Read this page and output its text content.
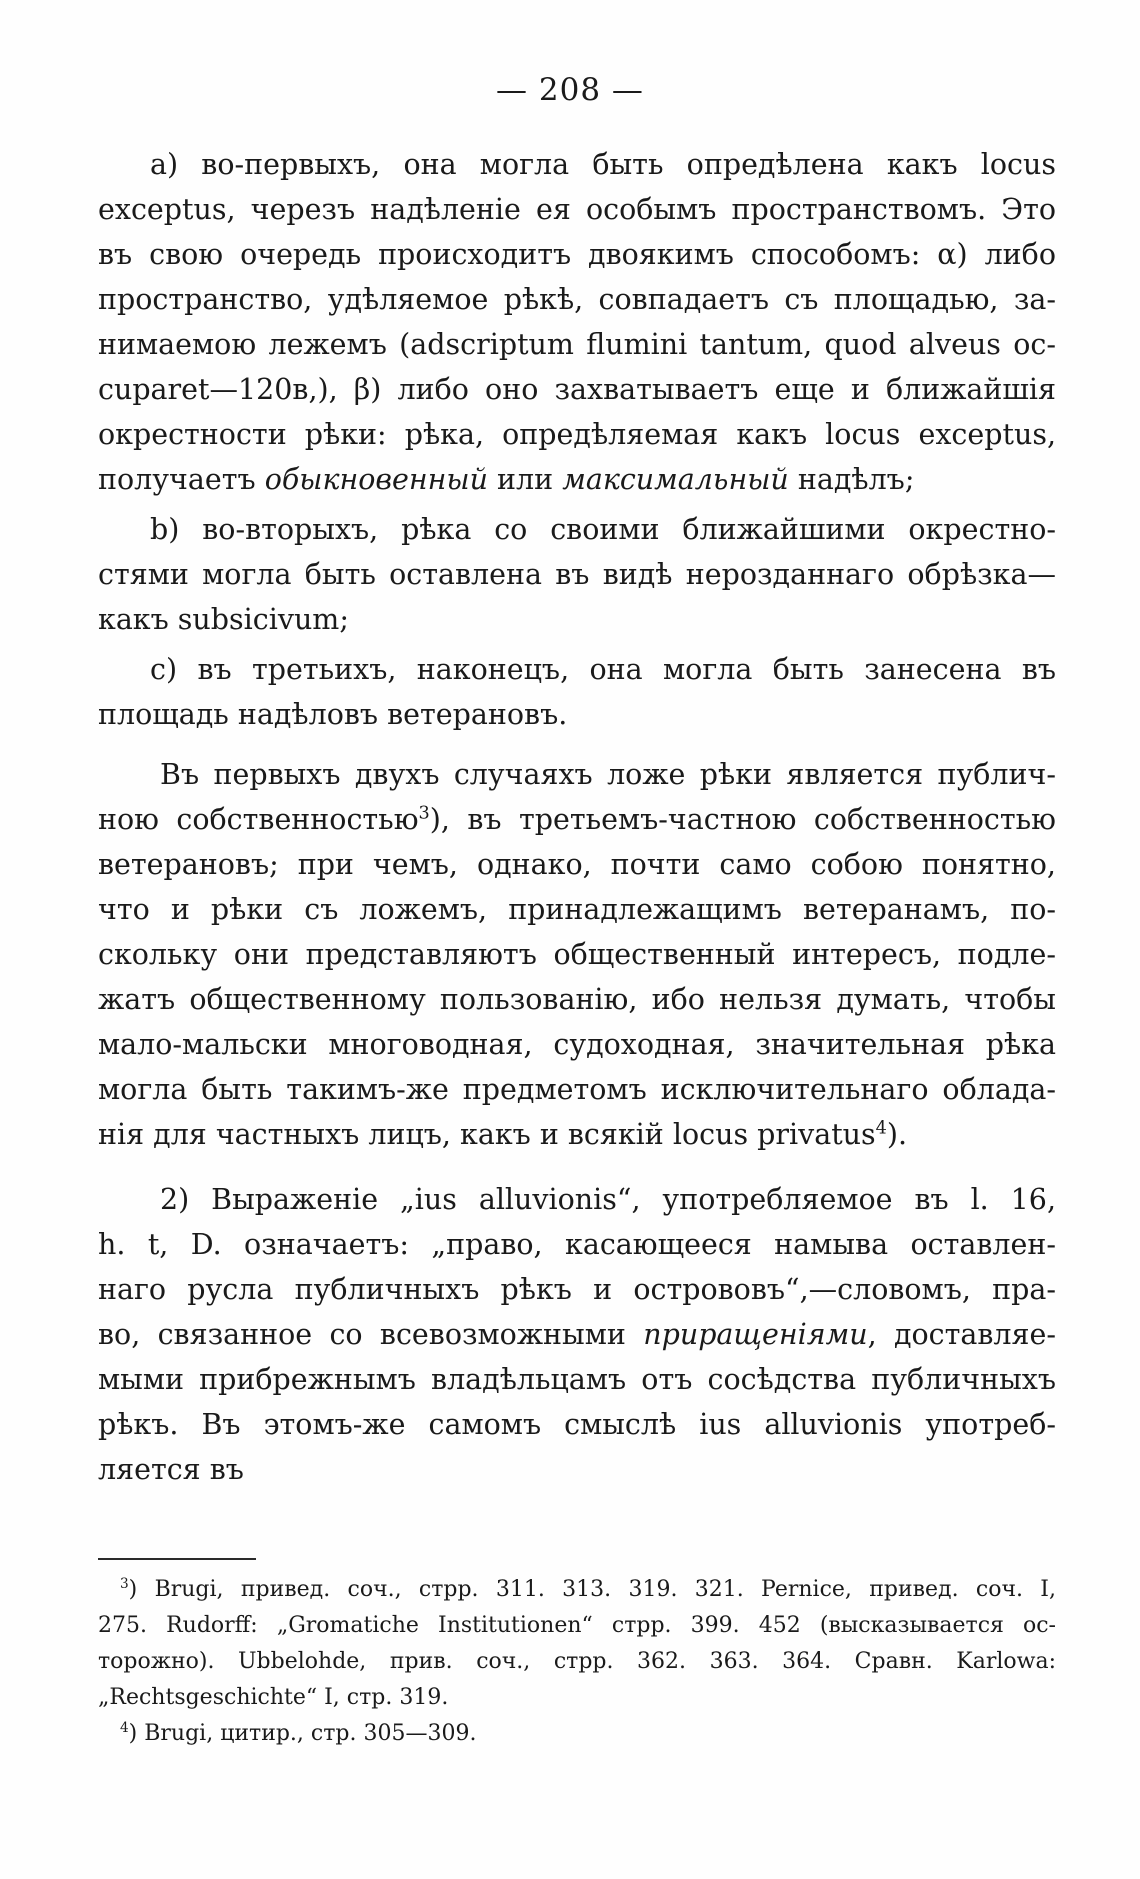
— 208 —
a) во-первыхъ, она могла быть опредѣлена какъ locus
exceptus, черезъ надѣленіе ея особымъ пространствомъ. Это
въ свою очередь происходитъ двоякимъ способомъ: α) либо
пространство, удѣляемое рѣкѣ, совпадаетъ съ площадью, за-
нимаемою лежемъ (adscriptum flumini tantum, quod alveus oc-
cuparet—120в,), β) либо оно захватываетъ еще и ближайшія
окрестности рѣки: рѣка, опредѣляемая какъ locus exceptus,
получаетъ обыкновенный или максимальный надѣлъ;
b) во-вторыхъ, рѣка со своими ближайшими окрестно-
стями могла быть оставлена въ видѣ нерозданнаго обрѣзка—
какъ subsicivum;
c) въ третьихъ, наконецъ, она могла быть занесена въ
площадь надѣловъ ветерановъ.
Въ первыхъ двухъ случаяхъ ложе рѣки является публич-
ною собственностью$^3$), въ третьемъ-частною собственностью
ветерановъ; при чемъ, однако, почти само собою понятно,
что и рѣки съ ложемъ, принадлежащимъ ветеранамъ, по-
скольку они представляютъ общественный интересъ, подле-
жатъ общественному пользованію, ибо нельзя думать, чтобы
мало-мальски многоводная, судоходная, значительная рѣка
могла быть такимъ-же предметомъ исключительнаго облада-
нія для частныхъ лицъ, какъ и всякій locus privatus$^4$).
2) Выраженіе „ius alluvionis“, употребляемое въ l. 16,
h. t, D. означаетъ: „право, касающееся намыва оставлен-
наго русла публичныхъ рѣкъ и острововъ“,—словомъ, пра-
во, связанное со всевозможными приращеніями, доставляе-
мыми прибрежнымъ владѣльцамъ отъ сосѣдства публичныхъ
рѣкъ. Въ этомъ-же самомъ смыслѣ ius alluvionis употреб-
ляется въ
$^3$) Brugi, привед. соч., стрр. 311. 313. 319. 321. Pernice, привед. соч. I,
275. Rudorff: „Gromatiche Institutionen“ стрр. 399. 452 (высказывается ос-
торожно). Ubbelohde, прив. соч., стрр. 362. 363. 364. Сравн. Karlowa:
„Rechtsgeschichte“ I, стр. 319.
$^4$) Brugi, цитир., стр. 305—309.
